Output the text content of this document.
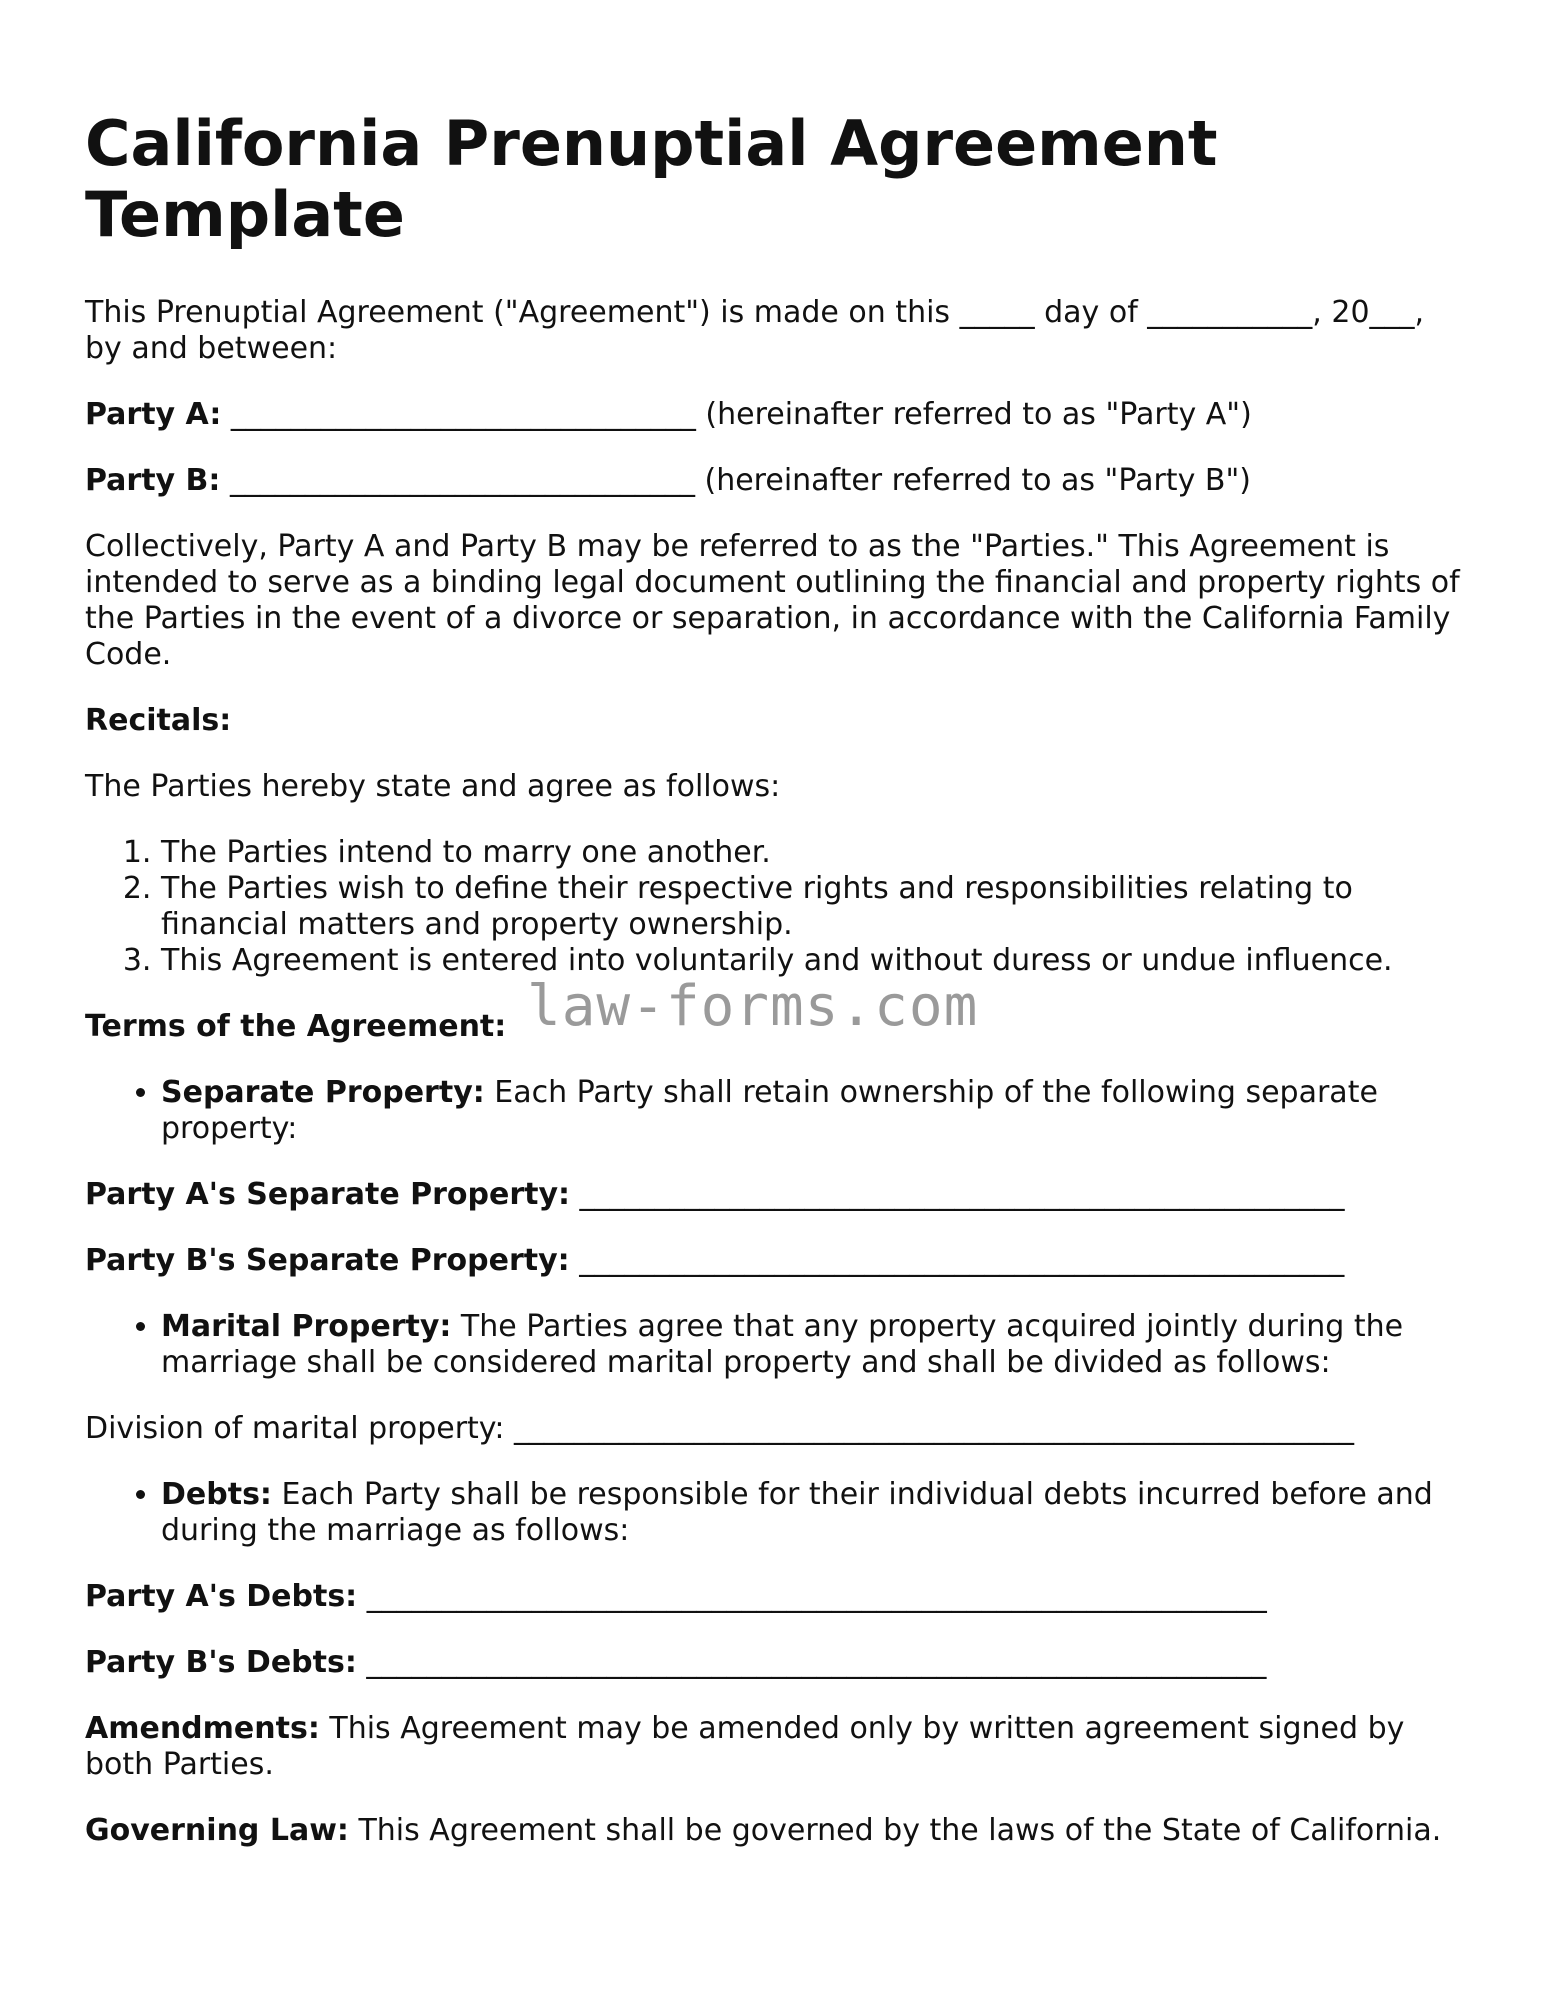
California Prenuptial Agreement Template

This Prenuptial Agreement ("Agreement") is made on this _____ day of ___________, 20___, by and between:

Party A: _______________________________ (hereinafter referred to as "Party A")

Party B: _______________________________ (hereinafter referred to as "Party B")

Collectively, Party A and Party B may be referred to as the "Parties." This Agreement is intended to serve as a binding legal document outlining the financial and property rights of the Parties in the event of a divorce or separation, in accordance with the California Family Code.

Recitals:

The Parties hereby state and agree as follows:

1. The Parties intend to marry one another.
2. The Parties wish to define their respective rights and responsibilities relating to financial matters and property ownership.
3. This Agreement is entered into voluntarily and without duress or undue influence.

Terms of the Agreement:

• Separate Property: Each Party shall retain ownership of the following separate property:

Party A's Separate Property: ___________________________________________________

Party B's Separate Property: ___________________________________________________

• Marital Property: The Parties agree that any property acquired jointly during the marriage shall be considered marital property and shall be divided as follows:

Division of marital property: ________________________________________________________

• Debts: Each Party shall be responsible for their individual debts incurred before and during the marriage as follows:

Party A's Debts: ____________________________________________________________

Party B's Debts: ____________________________________________________________

Amendments: This Agreement may be amended only by written agreement signed by both Parties.

Governing Law: This Agreement shall be governed by the laws of the State of California.

law-forms.com
